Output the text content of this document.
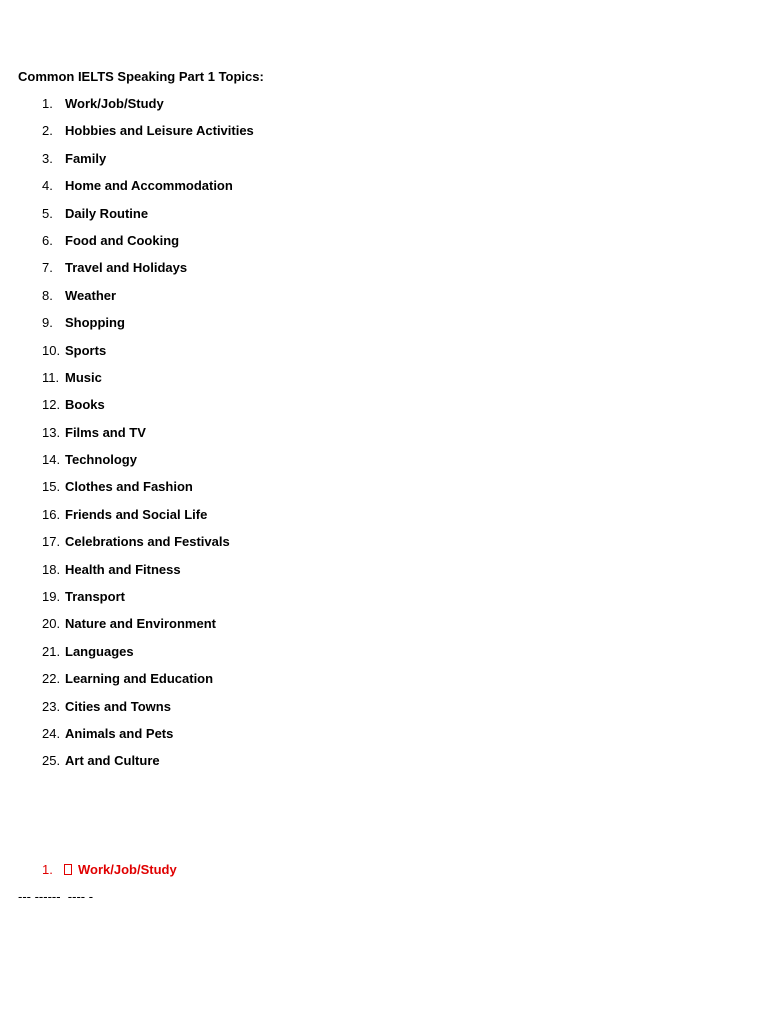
Common IELTS Speaking Part 1 Topics:
1. Work/Job/Study
2. Hobbies and Leisure Activities
3. Family
4. Home and Accommodation
5. Daily Routine
6. Food and Cooking
7. Travel and Holidays
8. Weather
9. Shopping
10. Sports
11. Music
12. Books
13. Films and TV
14. Technology
15. Clothes and Fashion
16. Friends and Social Life
17. Celebrations and Festivals
18. Health and Fitness
19. Transport
20. Nature and Environment
21. Languages
22. Learning and Education
23. Cities and Towns
24. Animals and Pets
25. Art and Culture
1. Work/Job/Study
--- ------  ---- -
